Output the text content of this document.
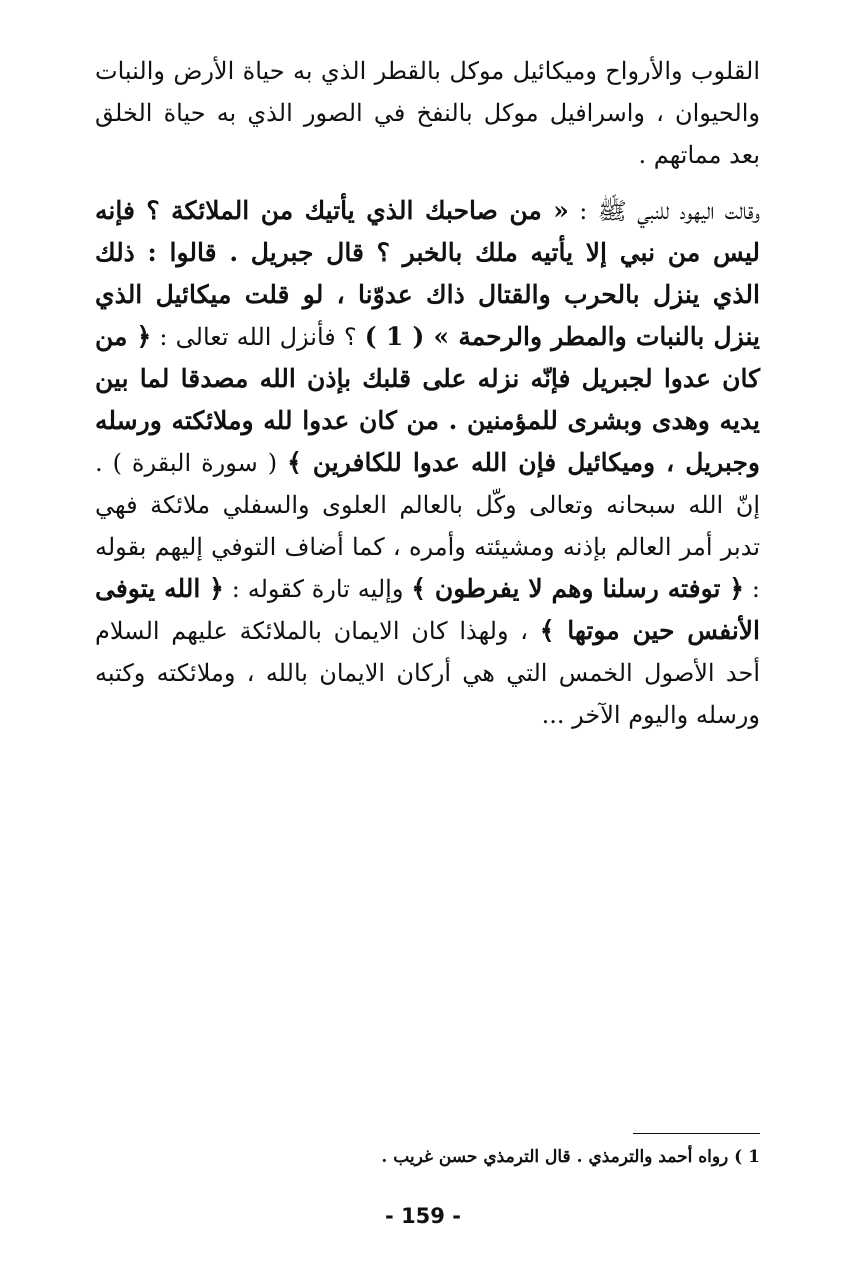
القلوب والأرواح وميكائيل موكل بالقطر الذي به حياة الأرض والنبات والحيوان ، واسرافيل موكل بالنفخ في الصور الذي به حياة الخلق بعد مماتهم .

وقالت اليهود للنبي ﷺ : « من صاحبك الذي يأتيك من الملائكة ؟ فإنه ليس من نبي إلا يأتيه ملك بالخبر ؟ قال جبريل . قالوا : ذلك الذي ينزل بالحرب والقتال ذاك عدوّنا ، لو قلت ميكائيل الذي ينزل بالنبات والمطر والرحمة » ( 1 ) ؟ فأنزل الله تعالى : ﴿ من كان عدوا لجبريل فإنّه نزله على قلبك بإذن الله مصدقا لما بين يديه وهدى وبشرى للمؤمنين . من كان عدوا لله وملائكته ورسله وجبريل ، وميكائيل فإن الله عدوا للكافرين ﴾ ( سورة البقرة ) . إنّ الله سبحانه وتعالى وكّل بالعالم العلوى والسفلي ملائكة فهي تدبر أمر العالم بإذنه ومشيئته وأمره ، كما أضاف التوفي إليهم بقوله : ﴿ توفته رسلنا وهم لا يفرطون ﴾ وإليه تارة كقوله : ﴿ الله يتوفى الأنفس حين موتها ﴾ ، ولهذا كان الايمان بالملائكة عليهم السلام أحد الأصول الخمس التي هي أركان الايمان بالله ، وملائكته وكتبه ورسله واليوم الآخر ...

1 ) رواه أحمد والترمذي . قال الترمذي حسن غريب .
- 159 -
